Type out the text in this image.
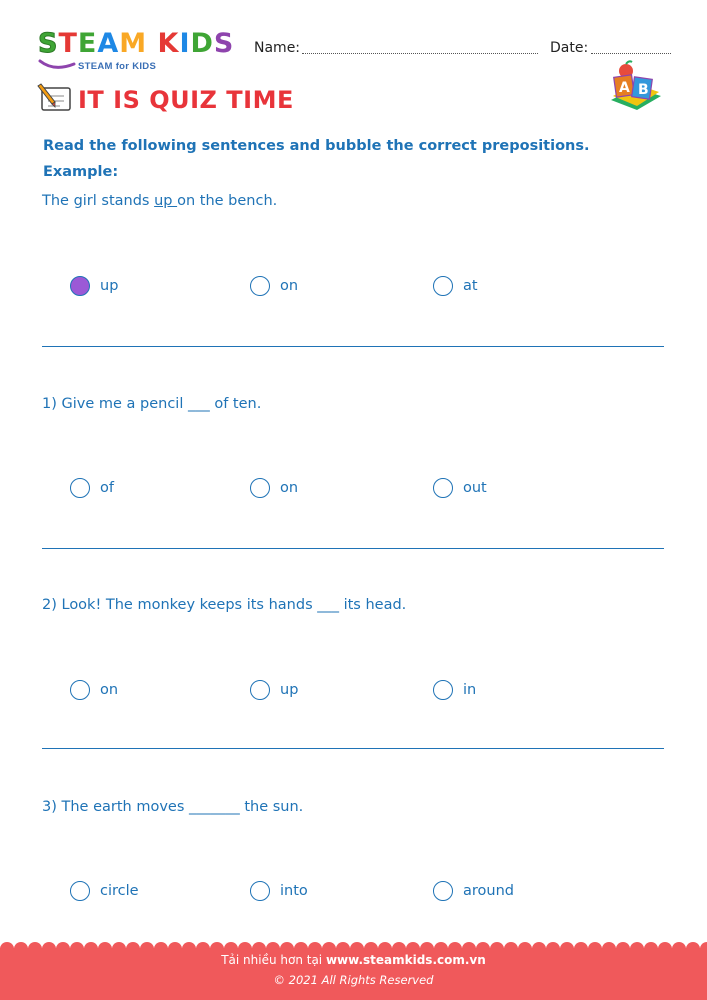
STEAM KIDS
STEAM for KIDS
Name:	Date:
IT IS QUIZ TIME	A B
Read the following sentences and bubble the correct prepositions.
Example:
The girl stands up on the bench.
up	on	at
1) Give me a pencil ___ of ten.
of	on	out
2) Look! The monkey keeps its hands ___ its head.
on	up	in
3) The earth moves _______ the sun.
circle	into	around
Tải nhiều hơn tại www.steamkids.com.vn
© 2021 All Rights Reserved
